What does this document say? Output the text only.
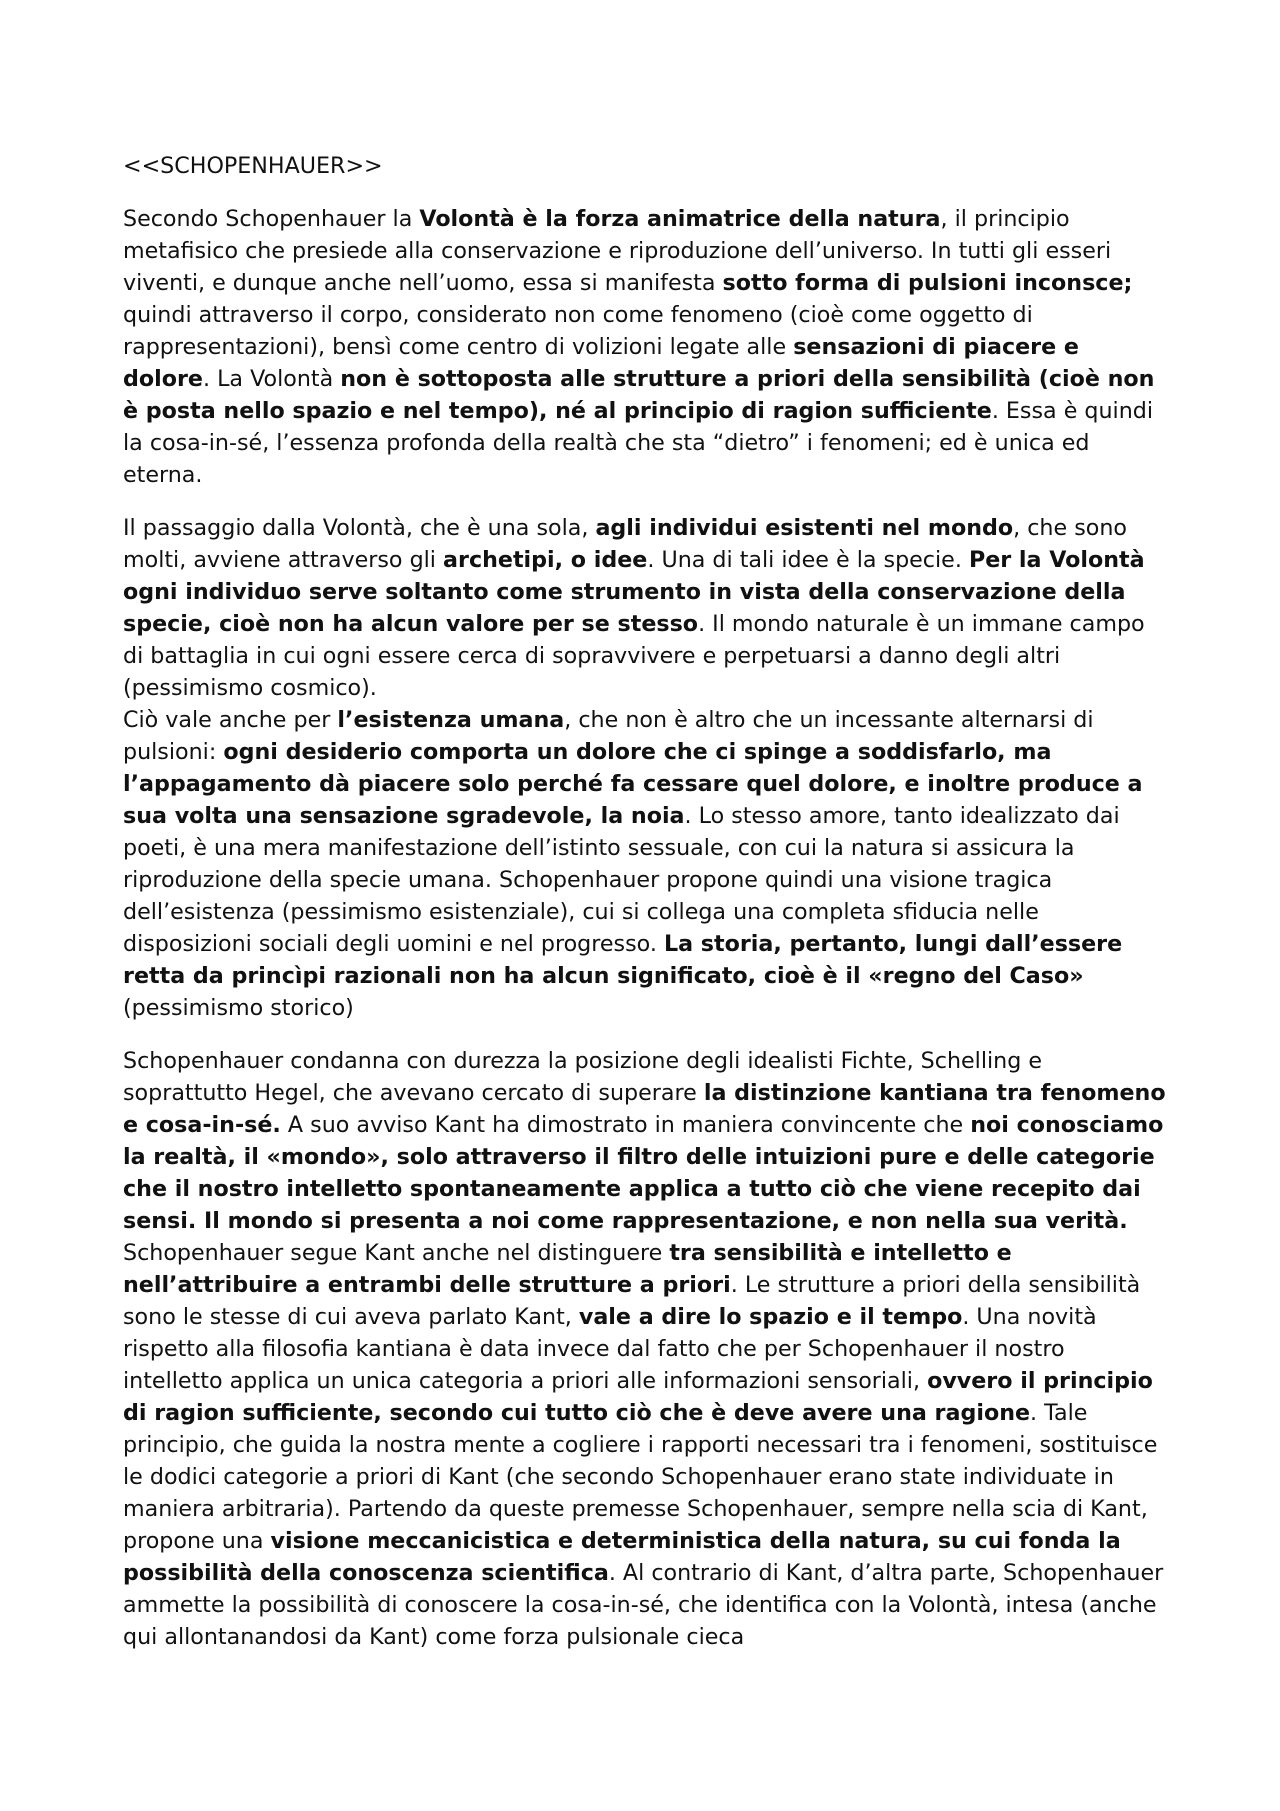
<<SCHOPENHAUER>>

Secondo Schopenhauer la Volontà è la forza animatrice della natura, il principio metafisico che presiede alla conservazione e riproduzione dell’universo. In tutti gli esseri viventi, e dunque anche nell’uomo, essa si manifesta sotto forma di pulsioni inconsce; quindi attraverso il corpo, considerato non come fenomeno (cioè come oggetto di rappresentazioni), bensì come centro di volizioni legate alle sensazioni di piacere e dolore. La Volontà non è sottoposta alle strutture a priori della sensibilità (cioè non è posta nello spazio e nel tempo), né al principio di ragion sufficiente. Essa è quindi la cosa-in-sé, l’essenza profonda della realtà che sta “dietro” i fenomeni; ed è unica ed eterna.

Il passaggio dalla Volontà, che è una sola, agli individui esistenti nel mondo, che sono molti, avviene attraverso gli archetipi, o idee. Una di tali idee è la specie. Per la Volontà ogni individuo serve soltanto come strumento in vista della conservazione della specie, cioè non ha alcun valore per se stesso. Il mondo naturale è un immane campo di battaglia in cui ogni essere cerca di sopravvivere e perpetuarsi a danno degli altri (pessimismo cosmico).

Ciò vale anche per l’esistenza umana, che non è altro che un incessante alternarsi di pulsioni: ogni desiderio comporta un dolore che ci spinge a soddisfarlo, ma l’appagamento dà piacere solo perché fa cessare quel dolore, e inoltre produce a sua volta una sensazione sgradevole, la noia. Lo stesso amore, tanto idealizzato dai poeti, è una mera manifestazione dell’istinto sessuale, con cui la natura si assicura la riproduzione della specie umana. Schopenhauer propone quindi una visione tragica dell’esistenza (pessimismo esistenziale), cui si collega una completa sfiducia nelle disposizioni sociali degli uomini e nel progresso. La storia, pertanto, lungi dall’essere retta da princìpi razionali non ha alcun significato, cioè è il «regno del Caso» (pessimismo storico)

Schopenhauer condanna con durezza la posizione degli idealisti Fichte, Schelling e soprattutto Hegel, che avevano cercato di superare la distinzione kantiana tra fenomeno e cosa-in-sé. A suo avviso Kant ha dimostrato in maniera convincente che noi conosciamo la realtà, il «mondo», solo attraverso il filtro delle intuizioni pure e delle categorie che il nostro intelletto spontaneamente applica a tutto ciò che viene recepito dai sensi. Il mondo si presenta a noi come rappresentazione, e non nella sua verità. Schopenhauer segue Kant anche nel distinguere tra sensibilità e intelletto e nell’attribuire a entrambi delle strutture a priori. Le strutture a priori della sensibilità sono le stesse di cui aveva parlato Kant, vale a dire lo spazio e il tempo. Una novità rispetto alla filosofia kantiana è data invece dal fatto che per Schopenhauer il nostro intelletto applica un unica categoria a priori alle informazioni sensoriali, ovvero il principio di ragion sufficiente, secondo cui tutto ciò che è deve avere una ragione. Tale principio, che guida la nostra mente a cogliere i rapporti necessari tra i fenomeni, sostituisce le dodici categorie a priori di Kant (che secondo Schopenhauer erano state individuate in maniera arbitraria). Partendo da queste premesse Schopenhauer, sempre nella scia di Kant, propone una visione meccanicistica e deterministica della natura, su cui fonda la possibilità della conoscenza scientifica. Al contrario di Kant, d’altra parte, Schopenhauer ammette la possibilità di conoscere la cosa-in-sé, che identifica con la Volontà, intesa (anche qui allontanandosi da Kant) come forza pulsionale cieca
